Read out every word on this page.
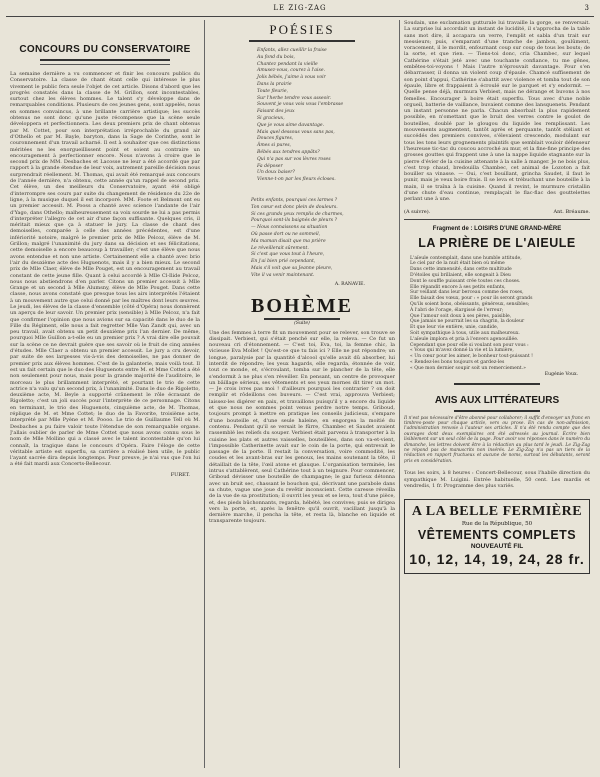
LE ZIG-ZAG	3
CONCOURS DU CONSERVATOIRE
La semaine dernière a vu commencer et finir les concours publics du Conservatoire. La classe de chant étant celle qui intéresse le plus vivement le public fera seule l'objet de cet article. Disons d'abord que les progrès constatés dans la classe de M. Grillon, sont incontestables, surtout chez les élèves hommes. Le talent s'y développe dans de remarquables conditions. Plusieurs de ces jeunes gens, sont appelés, nous en sommes convaincus, à une brillante carrière artistique; les succès obtenus ne sont donc qu'une juste récompense que la scène seule développera et perfectionnera. Les deux premiers prix de chant obtenus par M. Cottet, pour son interprétation irréprochable du grand air d'Othello et par M. Bayle, baryton, dans la Sage de Corinthe, sont le couronnement d'un travail acharné. Il est à souhaiter que ces distinctions méritées ne les enorgueillissent point et soient au contraire un encouragement à perfectionner encore. Nous n'avons à croire que le second prix de MM. Desbaches et Lacosse ne leur a été accordé que par rapport à la grande étendue de leur voix, autrement pareille décision nous surprendrait réellement. M. Thomas, qui avait été remarqué aux concours de l'année dernière, n'a obtenu, cette année qu'un rappel de second prix. Cet élève, un des meilleurs du Conservatoire, ayant été obligé d'interrompre ses cours par suite du changement de résidence du 22e de ligne, à la musique duquel il est incorporé. MM. Foote et Belmont ont eu un premier accessit. M. Pooss a chanté avec science l'andante de l'air d'Yago, dans Othello; malheureusement sa voix sourde ne lui a pas permis d'interpréter l'allegro de cet air d'une façon suffisante. Quelques cris, il méritait mieux que ça à statuer le jury. La classe de chant des demoiselles, comparée à celle des années précédentes, est d'une infériorité notoire, malgré le premier prix de Mlle Pelcoz, élève de M. Grillon; malgré l'unanimité du jury dans sa décision et ses félicitations, cette demoiselle a encore beaucoup à travailler; c'est une élève que nous avons entendue et non une artiste. Certainement elle a chanté avec brio l'air du deuxième acte des Huguenots, mais il y a bien mieux. Le second prix de Mlle Claer, élève de Mlle Pouget, est un encouragement au travail constant de cette jeune fille. Quant à celui accordé à Mlle Cl-Ilide Pelcoz, nous nous abstiendrons d'en parler. Citons un premier accessit à Mlle Grange et un second à Mlle Alumsny, élève de Mlle Pouget. Dans cette classe, nous avons constaté que presque tous les airs interprétés l'étaient à un mouvement autre que celui donné par les maîtres dont leurs œuvres. Le jeudi, les élèves de la classe d'ensemble (côté d'Opéra) nous donnèrent un aperçu de leur savoir. Un premier prix (sensible) à Mlle Pelcoz, n'a fait que confirmer l'opinion que nous avions sur sa capacité dans le duo de la Fille du Régiment, elle nous a fait regretter Mlle Van Zandt qui, avec un peu travail, avait obtenu un petit deuxième prix l'an dernier. De même, pourquoi Mlle Guillon a-t-elle eu un premier prix ? A vrai dire elle pouvait sur la scène ce ne devrait guère que ses savoir où le fruit de cinq années d'études. Mlle Claer a obtenu un premier accessit. Le jury a cru devoir, par suite de ses largesses vis-à-vis des demoiselles, ne pas donner de premier prix aux élèves hommes. C'est de la galanterie, mais voilà tout. Il est un fait certain que le duo des Huguenots entre M. et Mme Cottet a été non seulement pour nous, mais pour la grande majorité de l'auditoire, le morceau le plus brillamment interprété, et pourtant le trio de cette actrice n'a valu qu'un second prix, à l'unanimité. Dans le duo de Rigoletto, deuxième acte, M. Beyle a supporté crânement le rôle écrasant de Rigoletto; c'est un joli succès pour l'interprète de ce personnage. Citons en terminant, le trio des Huguenots, cinquième acte, de M. Thomas, réplique de M. et Mme Cottet; le duo de la Favorite, troisième acte, interprété par Mlle Pyène et M. Poooo. Le trio de Guillaume Tell où M. Desbaches a pu faire valoir toute l'étendue de son remarquable organe. J'allais oublier de parler de Mme Cottet que nous avons connu sous le nom de Mlle Mollino qui a classé avec le talent incontestable qu'on lui connaît, la tragique dans le concours d'Opéra. Faire l'éloge de cette véritable artiste est superflu, sa carrière a réalisé bien utile, le public l'ayant sacrée dira depuis longtemps. Pour preuve, je n'ai vus que l'on lui a été fait mardi aux Concerts-Bellecour.
FURET.
POÉSIES
Enfants, allez cueillir la fraise
Au fond du bois,
Chantez pendant la vieille
Amusez-vous, courez à l'aise.
Jolis bébés, j'aime à vous voir
Dans la prairie
Toute fleurie,
Sur l'herbe tendre vous asseoir.
Souvent je vous vois vous l'embrasse
Faisant des jeux
Si gracieux,
Que je vous aime davantage.
Mais quel dessous vous sans pas,
Douces figures,
Âmes si pures,
Bébés aux tendres appâts?
Qui n'a pas sur vos lèvres roses
Fa déposer
Un doux baiser?
Vienne-t-on par les fleurs écloses.
Petits enfants, pourquoi ces larmes ?
Ton cœur est donc plein de douleurs.
Si ces grands yeux remplis de charmes,
Pourquoi sont-ils baignés de pleurs ?
— Nous connaissons sa situation
Où passe dort ou ne sommeil,
Ma maman disait que ma prière
Le réveillerait sûrement.
Si c'est que vous tout à l'heure,
En j'ai bien prié cependant,
Mais s'il voit que sa Jeanne pleure,
Vite il va venir maintenant.
A. RANAVIE.
BOHÈME
(Suite)
Une des femmes à terre fit un mouvement pour se relever, son trouve se dissipait. Verbiest, qui s'était penché sur elle, la releva. — Ce fut un nouveau cri d'étonnement. — C'est toi, Eva, toi, la femme chic, la vicieuse Eva Mollet ! Qu'est-ce que tu fais ici ? Elle ne put répondre; un longue, paralysie par la quantité d'alcool qu'elle avait dû absorber, lui interdit de répondre; les yeux hagards, elle regarda, étonnée de voir, tout ce monde, et, s'écroulant, tomba sur le plancher de la tête, elle s'endormit à ne plus s'en réveiller. En pensant, un centre de provoquer un bâillage sérieux, ses vêtements et ses yeux mornes dit tirer un mot. — Je crois ivres pas moi ! d'ailleurs pourquoi les contrarier ? on doit remplir et rôdeillons ces buveurs. — C'est vrai, approuva Verbiest; laissez-les digérer en paix, et travaillons puisqu'il y a encore du liquide et que nous ne sommes point venus perdre notre temps. Griboud, toujours prompt à mettre en pratique les conseils judicieux, s'empare d'une bouteille et, d'une seule haleine, en engorgea la moitié du contenu. Pendant qu'il se versait le fûrre, Chambec et Saudet avaient rassemblé les reliefs du souper. Verbiest était parvenu à transporter à la cuisine les plats et autres vaisselles, bouteillées, dans son va-et-vient, l'impossible Catherinette avait sur le coin de la porte, qui entrevait le passage de la porte. Il restait la conversation, voire commodité, les coudes et les avant-bras sur les genoux, les mains soutenant la tête, il détaillait de la tête, l'œil atone et glauque. L'organisation terminée, les intrus s'attablèrent, seul Cathérine tout à un teignure. Pour commencer, Griboud dévisser une bouteille de champagne; le gaz furieux détonna avec un bruit sec, chassant le bouchon qui, décrivant une parabole dans sa chute, vague une joue du revêtir inconscient. Cette caresse réveilla de la vue de sa prostitution; il ouvrit les yeux et se leva, tout d'une pièce, et, des pieds bûchonnants, regarda, hébété, les convives; puis se dirigea vers la porte, et, après la fenêtre qu'il ouvrit, vacillant jusqu'à la dernière marche, il pencha la tête, et resta là, blanche en liquide et transparente toujours.
Soudain, une exclamation gutturale lui travaille la gorge, se renversait. La surprise lui accordait un instant de lucidité, il s'approcha de la table sans mot dire, il accapara un verre, l'emplit et sabla d'un trait sur messieurs; puis, s'emparant d'une tranche de jambon, goulûment, voracement, il le mordit, enfournant coup sur coup de tous les bouts; de la sorte, et que rien. — Tiens-toi donc, cria Chambec, sur lequel Cathérine s'était jeté avec une touchante confiance, tu me gênes, embêtes-toi-voyons ! Mais l'autre n'éprouvait davantage. Pour s'en débarrasser, il donna un violent coup d'épaule. Chamcé suffisement de son point d'appui, Cathérine s'abattit avec violence et tomba tout de son épaule, libre et frappaient à écroulé sur le parquet et s'y endormit. — Quelle pense déjà, murmura Verbiest, mais ne dérange et buvons à nos femelles. Encourager à boire était superflu. Tous avec d'une noble orgueil, batterie de vaillance, buvaient comme des lansquenets. Pendant un instant personne ne parla. Chacun absorbait la plus rapidement possible, en n'omettant que le bruit des verres contre le goulot de bouteilles, doublé par le glougou du liquide les remplissant. Les mouvements augmentent, tantôt après et perquante, tantôt stéliant et succédés des premiers convives, s'élevaient crescendo, modulant sur tous les tons leurs grognements plaintifs que semblait vouloir défenseur l'heureuse tic-tac du coucou accroché au mur, et la fine-fine principe des grosses gouttes qui frappent une à une la nappe liquide stagnante sur la pierre d'évier de la cuisine attenante à la salle à manger. Je ne bois plus, c'est trop chaud, bredouilla Chambec, cet animal de Lozoton a fait bouiller sa vinasse. — Oui, c'est bouillant, grincha Saudet, il faut le punir, mais je veux boire frais. Il se leva et trébuchant une bouteille à la main, il se traîna à la cuisine. Quand il revint, le murmure cristallin d'une chute d'eau continue, remplaçait le flac-flac des gouttelettes perlant une à une.
(A suivre).	Ant. Bréaume.
Fragment de : LOISIRS D'UNE GRAND-MÈRE
LA PRIÈRE DE L'AIEULE
L'aïeule contemplait, dans une humble attitude,
Le ciel par de la nuit était bien où même
Dans cette immensité, dans cette multitude
D'étoiles qui brillaient, elle songeait à Dieu
Dont le souffle puissant crée toutes ces choses.
Elle répandit encore à ses petits enfants,
Sur veillant dans leur berceau comme des roses,
Elle faisait des vœux, pour : « pour ils seront grands
Qu'ils soient bons, obéissants, généreux, sensibles;
À l'abri de l'orage, élargissé de l'erreur;
Que l'amour soit doux à ses pères, paisible,
Que jamais ne pourrait les sa chagrin, la douleur
Et que leur vie entière, unie, candide,
Soit sympathique à tous, utile aux malheureux.
L'aïeule implora et pria à l'envers agenouillée.
Cependant que pour elle si voulant son pour vous :
« Vous qui m'avez donné la vie et la lumière,
« Un cœur pour les aimer, le bonheur tout-puissant !
« Rendez-les bons toujours et gardez-les
« Que mon dernier soupir soit un remerciement.»
Eugénie Voux.
AVIS AUX LITTÉRATEURS
Il n'est pas nécessaire d'être abonné pour collaborer; il suffit d'envoyer un franc en timbres-poste pour chaque article, vers ou prose. En cas de non-admission, l'administration renvoie à l'auteur ses articles. Il n'a été rendu compte que des ouvrages dont deux exemplaires ont été adressés au journal. Écrire bien lisiblement sur un seul côté de la page. Pour avoir vos réponses dans le numéro du dimanche, les lettres doivent être à la rédaction au plus tard le jeudi. Le Zig-Zag ne répond pas de manuscrits non insérés. Le Zig-Zag n'a pas un tiers de la rédaction en rapport fructueux et aucune de noms, surtout les débutants, seront pris en considération.
Tous les soirs, à 8 heures : Concert-Bellecour, sous l'habile direction du sympathique M. Luigini. Entrée habituelle, 50 cent. Les mardis et vendredis, 1 fr. Programme des plus variés.
A LA BELLE FERMIÈRE
Rue de la République, 50
VÊTEMENTS COMPLETS
NOUVEAUTÉ FIL
10, 12, 14, 19, 24, 28 fr.
